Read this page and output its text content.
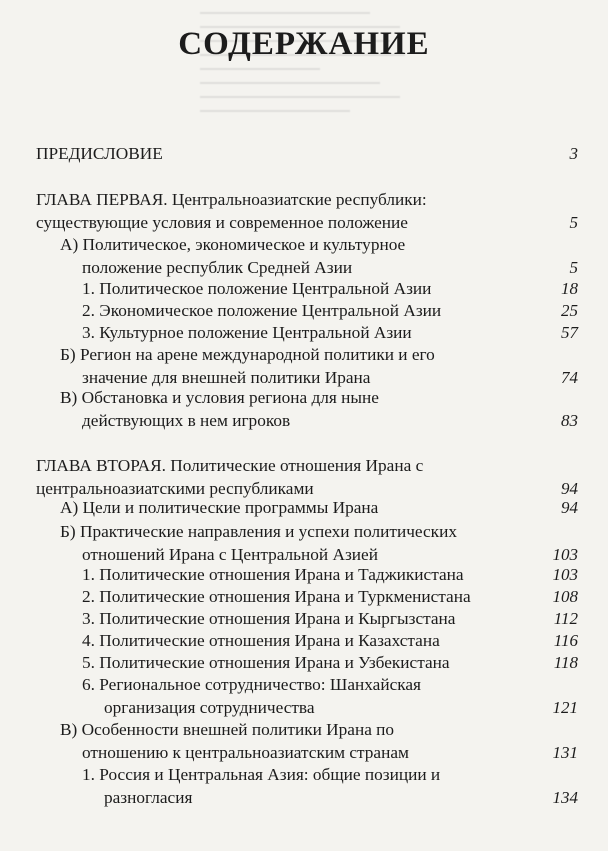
СОДЕРЖАНИЕ
ПРЕДИСЛОВИЕ	3
ГЛАВА ПЕРВАЯ. Центральноазиатские республики:
существующие условия и современное положение	5
А) Политическое, экономическое и культурное
положение республик Средней Азии	5
1. Политическое положение Центральной Азии	18
2. Экономическое положение Центральной Азии	25
3. Культурное положение Центральной Азии	57
Б) Регион на арене международной политики и его
значение для внешней политики Ирана	74
В) Обстановка и условия региона для ныне
действующих в нем игроков	83
ГЛАВА ВТОРАЯ. Политические отношения Ирана с
центральноазиатскими республиками	94
А) Цели и политические программы Ирана	94
Б) Практические направления и успехи политических
отношений Ирана с Центральной Азией	103
1. Политические отношения Ирана и Таджикистана	103
2. Политические отношения Ирана и Туркменистана	108
3. Политические отношения Ирана и Кыргызстана	112
4. Политические отношения Ирана и Казахстана	116
5. Политические отношения Ирана и Узбекистана	118
6. Региональное сотрудничество: Шанхайская
организация сотрудничества	121
В) Особенности внешней политики Ирана по
отношению к центральноазиатским странам	131
1. Россия и Центральная Азия: общие позиции и
разногласия	134
